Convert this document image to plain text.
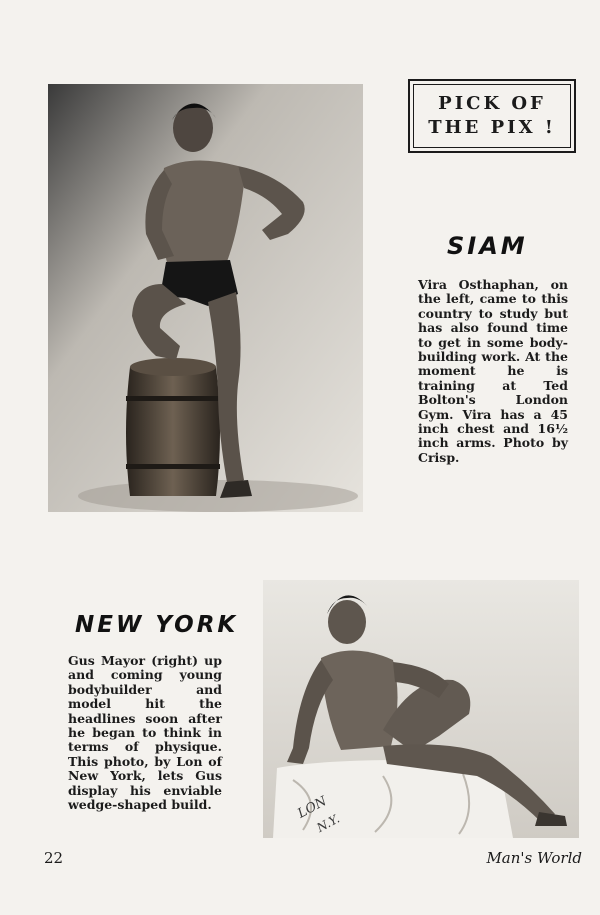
PICK OF
THE PIX !
SIAM

Vira Osthaphan, on the left, came to this country to study but has also found time to get in some body-building work. At the moment he is training at Ted Bolton's London Gym. Vira has a 45 inch chest and 16½ inch arms. Photo by Crisp.

NEW YORK

Gus Mayor (right) up and coming young bodybuilder and model hit the headlines soon after he began to think in terms of physique. This photo, by Lon of New York, lets Gus display his enviable wedge-shaped build.	LON
N.Y.
22	Man's World
